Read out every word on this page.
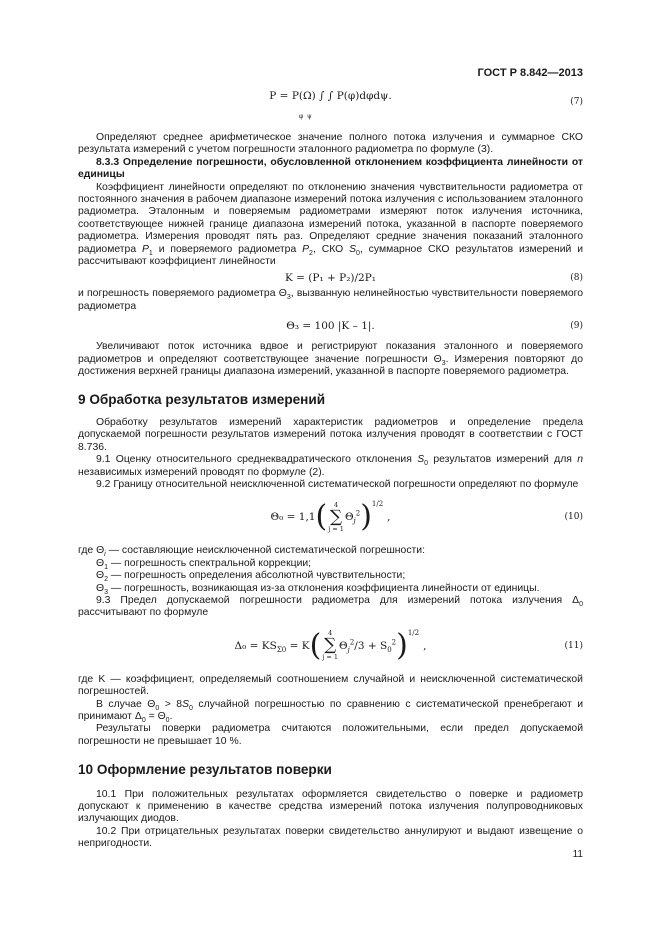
ГОСТ Р 8.842—2013
P = P(Ω) ∫ ∫ P(φ)dφdψ.
φ  ψ
(7)

Определяют среднее арифметическое значение полного потока излучения и суммарное СКО результата измерений с учетом погрешности эталонного радиометра по формуле (3).

8.3.3 Определение погрешности, обусловленной отклонением коэффициента линейности от единицы

Коэффициент линейности определяют по отклонению значения чувствительности радиометра от постоянного значения в рабочем диапазоне измерений потока излучения с использованием эталонного радиометра. Эталонным и поверяемым радиометрами измеряют поток излучения источника, соответствующее нижней границе диапазона измерений потока, указанной в паспорте поверяемого радиометра. Измерения проводят пять раз. Определяют средние значения показаний эталонного радиометра $P_1$ и поверяемого радиометра $P_2$, СКО $S_0$, суммарное СКО результатов измерений и рассчитывают коэффициент линейности

K = (P₁ + P₂)/2P₁	(8)

и погрешность поверяемого радиометра $\Theta_3$, вызванную нелинейностью чувствительности поверяемого радиометра

Θ₃ = 100 |K – 1|.	(9)

Увеличивают поток источника вдвое и регистрируют показания эталонного и поверяемого радиометров и определяют соответствующее значение погрешности $\Theta_3$. Измерения повторяют до достижения верхней границы диапазона измерений, указанной в паспорте поверяемого радиометра.

9 Обработка результатов измерений

Обработку результатов измерений характеристик радиометров и определение предела допускаемой погрешности результатов измерений потока излучения проводят в соответствии с ГОСТ 8.736.

9.1 Оценку относительного среднеквадратического отклонения $S_0$ результатов измерений для n независимых измерений проводят по формуле (2).

9.2 Границу относительной неисключенной систематической погрешности определяют по формуле

Θ₀ = 1,1( 4
∑
j = 1
$\Theta_j^2)^{1/2}$,	(10)

где $\Theta_i$ — составляющие неисключенной систематической погрешности:

$\Theta_1$ — погрешность спектральной коррекции;

$\Theta_2$ — погрешность определения абсолютной чувствительности;

$\Theta_3$ — погрешность, возникающая из-за отклонения коэффициента линейности от единицы.

9.3 Предел допускаемой погрешности радиометра для измерений потока излучения $\Delta_0$ рассчитывают по формуле

$\Delta_0 = KS_{\Sigma 0} = K$( 4
∑
j = 1
$\Theta_j^2/3 + S_0^2)^{1/2}$,	(11)

где K — коэффициент, определяемый соотношением случайной и неисключенной систематической погрешностей.

В случае $\Theta_0 > 8S_0$ случайной погрешностью по сравнению с систематической пренебрегают и принимают $\Delta_0 = \Theta_0$.

Результаты поверки радиометра считаются положительными, если предел допускаемой погрешности не превышает 10 %.

10 Оформление результатов поверки

10.1 При положительных результатах оформляется свидетельство о поверке и радиометр допускают к применению в качестве средства измерений потока излучения полупроводниковых излучающих диодов.

10.2 При отрицательных результатах поверки свидетельство аннулируют и выдают извещение о непригодности.

11
